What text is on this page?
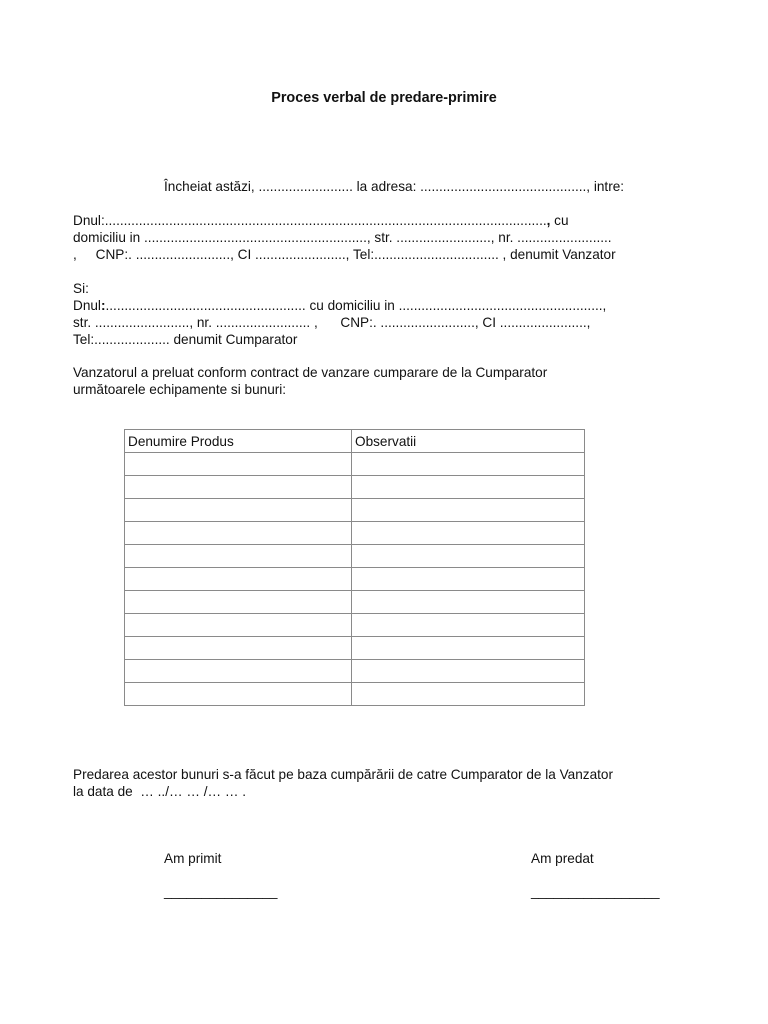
Proces verbal de predare-primire
Încheiat astăzi, ......................... la adresa: ............................................, intre:
Dnul:....................................................................................................................., cu
domiciliu in ..........................................................., str. ........................., nr. .........................
,     CNP:. ........................., CI ........................, Tel:................................. , denumit Vanzator
Si:
Dnul:..................................................... cu domiciliu in ......................................................,
str. ........................., nr. ......................... ,      CNP:. ........................., CI .......................,
Tel:.................... denumit Cumparator
Vanzatorul a preluat conform contract de vanzare cumparare de la Cumparator
următoarele echipamente si bunuri:
Denumire Produs	Observatii

Predarea acestor bunuri s-a făcut pe baza cumpărării de catre Cumparator de la Vanzator
la data de  … ../… … /… … .
Am primit	Am predat
_______________	_________________
